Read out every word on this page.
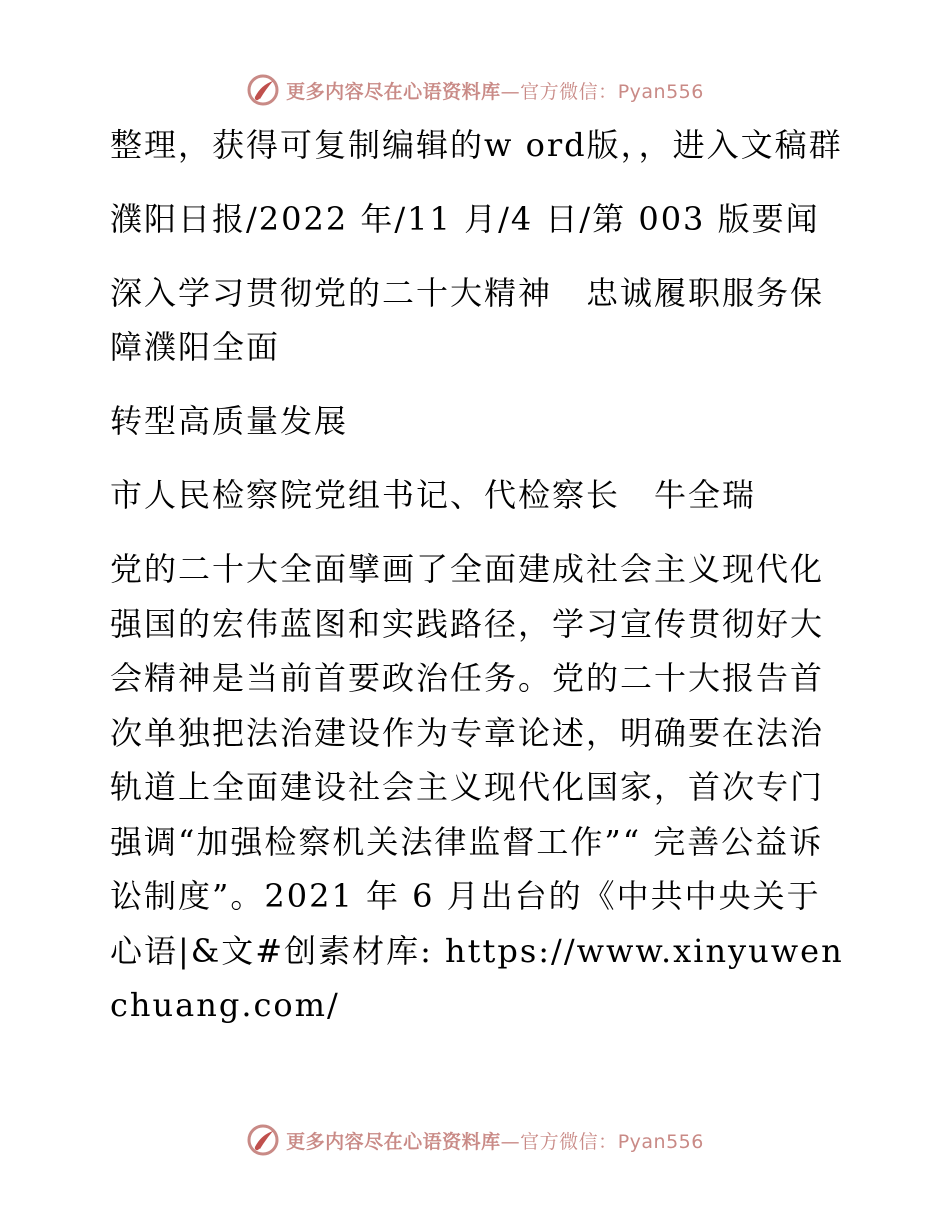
更多内容尽在心语资料库—官方微信：Pyan556

整理，获得可复制编辑的w ord版，，进入文稿群

濮阳日报/2022 年/11 月/4 日/第 003 版要闻

深入学习贯彻党的二十大精神　忠诚履职服务保障濮阳全面

转型高质量发展

市人民检察院党组书记、代检察长　牛全瑞

党的二十大全面擘画了全面建成社会主义现代化强国的宏伟蓝图和实践路径，学习宣传贯彻好大会精神是当前首要政治任务。党的二十大报告首次单独把法治建设作为专章论述，明确要在法治轨道上全面建设社会主义现代化国家，首次专门强调“加强检察机关法律监督工作”“ 完善公益诉讼制度”。2021 年 6 月出台的《中共中央关于心语|&文#创素材库: https://www.xinyuwenchuang.com/

更多内容尽在心语资料库—官方微信：Pyan556
